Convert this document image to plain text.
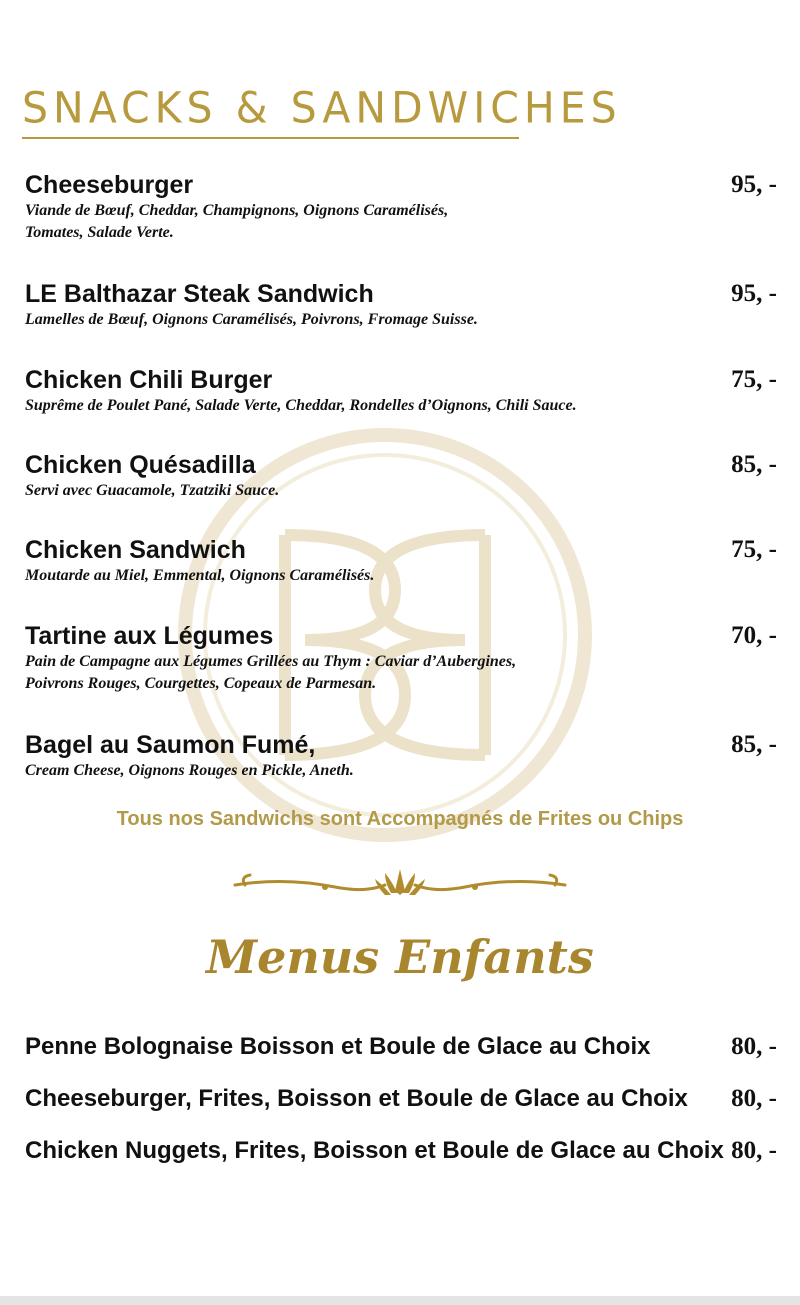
SNACKS & SANDWICHES
Cheeseburger	95, -
Viande de Bœuf, Cheddar, Champignons, Oignons Caramélisés,
Tomates, Salade Verte.
LE Balthazar Steak Sandwich	95, -
Lamelles de Bœuf, Oignons Caramélisés, Poivrons, Fromage Suisse.
Chicken Chili Burger	75, -
Suprême de Poulet Pané, Salade Verte, Cheddar, Rondelles d’Oignons, Chili Sauce.
Chicken Quésadilla	85, -
Servi avec Guacamole, Tzatziki Sauce.
Chicken Sandwich	75, -
Moutarde au Miel, Emmental, Oignons Caramélisés.
Tartine aux Légumes	70, -
Pain de Campagne aux Légumes Grillées au Thym : Caviar d’Aubergines,
Poivrons Rouges, Courgettes, Copeaux de Parmesan.
Bagel au Saumon Fumé,	85, -
Cream Cheese, Oignons Rouges en Pickle, Aneth.
Tous nos Sandwichs sont Accompagnés de Frites ou Chips
Menus Enfants
Penne Bolognaise Boisson et Boule de Glace au Choix	80, -
Cheeseburger, Frites, Boisson et Boule de Glace au Choix	80, -
Chicken Nuggets, Frites, Boisson et Boule de Glace au Choix 80, -
